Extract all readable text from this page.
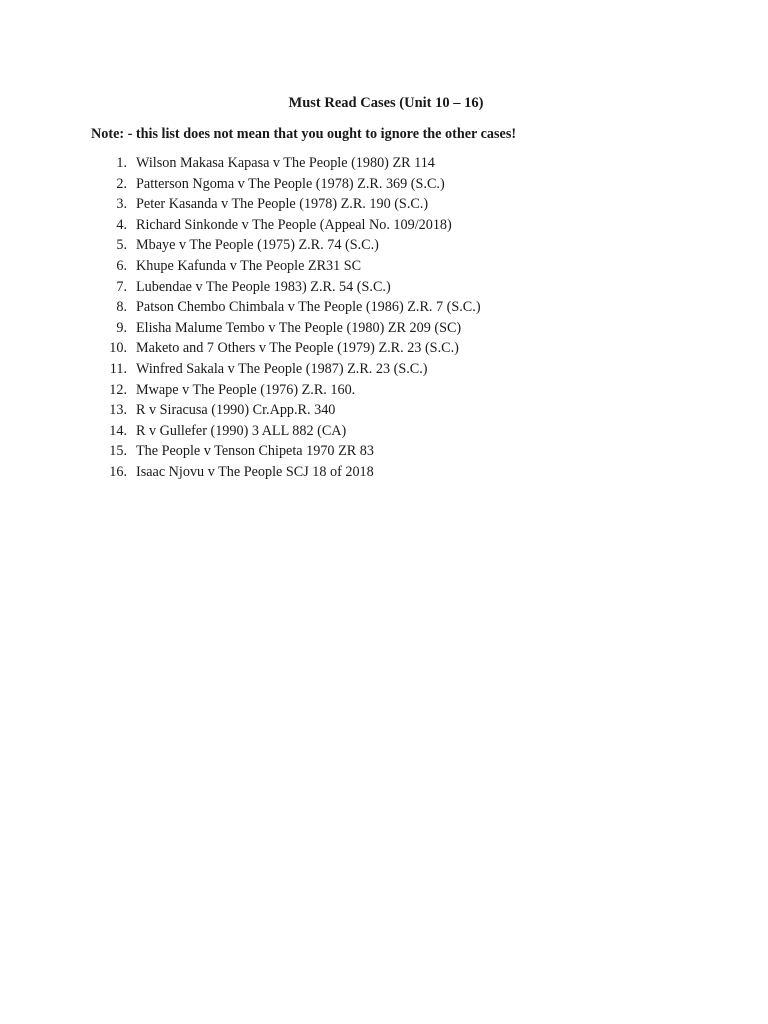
Must Read Cases (Unit 10 – 16)
Note: - this list does not mean that you ought to ignore the other cases!
1. Wilson Makasa Kapasa v The People (1980) ZR 114
2. Patterson Ngoma v The People (1978) Z.R. 369 (S.C.)
3. Peter Kasanda v The People (1978) Z.R. 190 (S.C.)
4. Richard Sinkonde v The People (Appeal No. 109/2018)
5. Mbaye v The People (1975) Z.R. 74 (S.C.)
6. Khupe Kafunda v The People ZR31 SC
7. Lubendae v The People 1983) Z.R. 54 (S.C.)
8. Patson Chembo Chimbala v The People (1986) Z.R. 7 (S.C.)
9. Elisha Malume Tembo v The People (1980) ZR 209 (SC)
10. Maketo and 7 Others v The People (1979) Z.R. 23 (S.C.)
11. Winfred Sakala v The People (1987) Z.R. 23 (S.C.)
12. Mwape v The People (1976) Z.R. 160.
13. R v Siracusa (1990) Cr.App.R. 340
14. R v Gullefer (1990) 3 ALL 882 (CA)
15. The People v Tenson Chipeta 1970 ZR 83
16. Isaac Njovu v The People SCJ 18 of 2018
